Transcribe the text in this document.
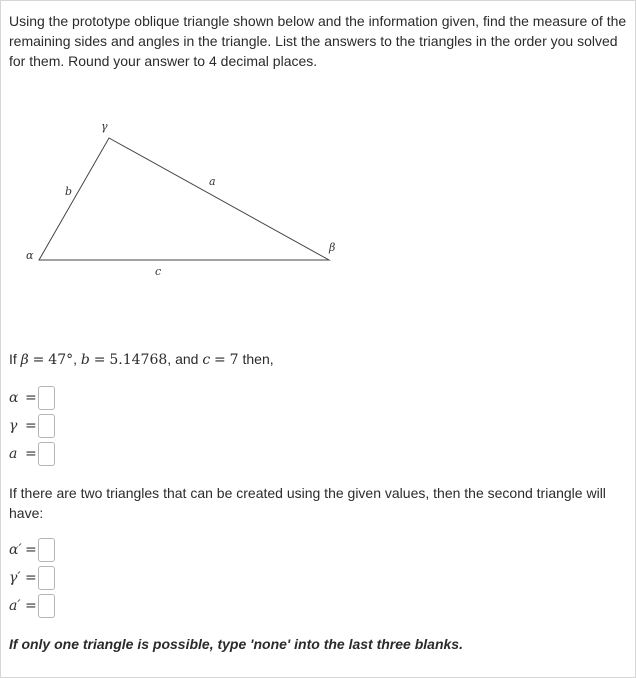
Using the prototype oblique triangle shown below and the information given, find the measure of the remaining sides and angles in the triangle. List the answers to the triangles in the order you solved for them. Round your answer to 4 decimal places.

α
γ
β
b
a
c
If β = 47°, b = 5.14768, and c = 7 then,
α =
γ =
a =

If there are two triangles that can be created using the given values, then the second triangle will have:

α′ =
γ′ =
a′ =

If only one triangle is possible, type 'none' into the last three blanks.
